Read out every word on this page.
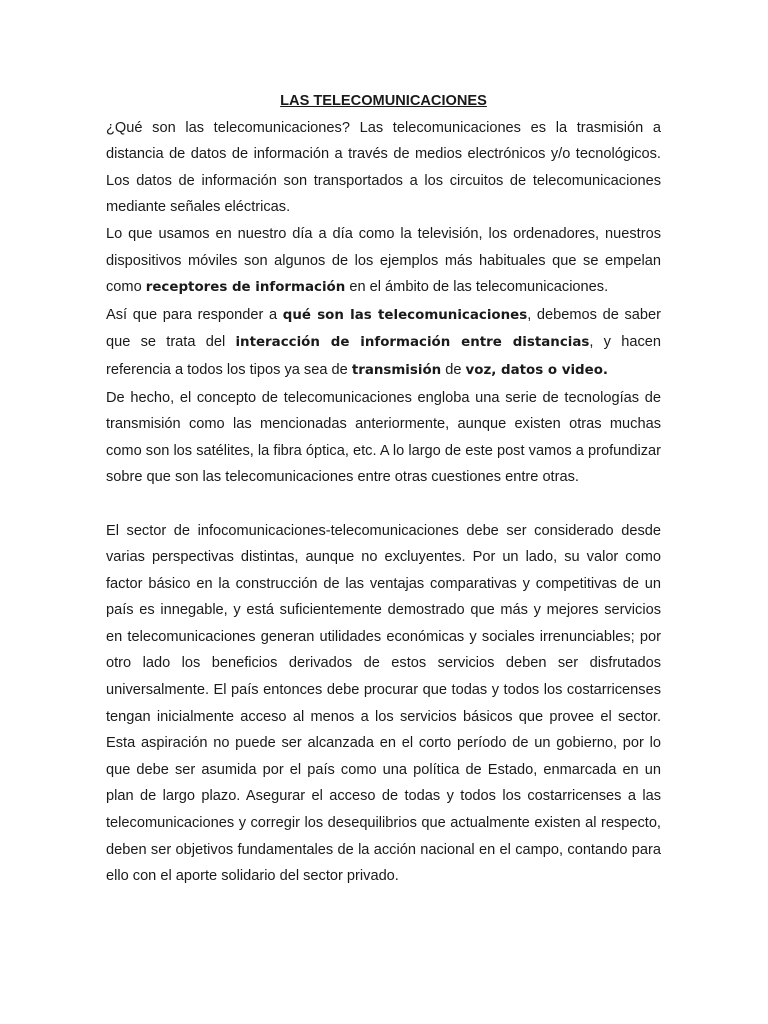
LAS TELECOMUNICACIONES

¿Qué son las telecomunicaciones? Las telecomunicaciones es la trasmisión a distancia de datos de información a través de medios electrónicos y/o tecnológicos. Los datos de información son transportados a los circuitos de telecomunicaciones mediante señales eléctricas.

Lo que usamos en nuestro día a día como la televisión, los ordenadores, nuestros dispositivos móviles son algunos de los ejemplos más habituales que se empelan como receptores de información en el ámbito de las telecomunicaciones.

Así que para responder a qué son las telecomunicaciones, debemos de saber que se trata del interacción de información entre distancias, y hacen referencia a todos los tipos ya sea de transmisión de voz, datos o video.

De hecho, el concepto de telecomunicaciones engloba una serie de tecnologías de transmisión como las mencionadas anteriormente, aunque existen otras muchas como son los satélites, la fibra óptica, etc. A lo largo de este post vamos a profundizar sobre que son las telecomunicaciones entre otras cuestiones entre otras.

El sector de infocomunicaciones-telecomunicaciones debe ser considerado desde varias perspectivas distintas, aunque no excluyentes. Por un lado, su valor como factor básico en la construcción de las ventajas comparativas y competitivas de un país es innegable, y está suficientemente demostrado que más y mejores servicios en telecomunicaciones generan utilidades económicas y sociales irrenunciables; por otro lado los beneficios derivados de estos servicios deben ser disfrutados universalmente. El país entonces debe procurar que todas y todos los costarricenses tengan inicialmente acceso al menos a los servicios básicos que provee el sector. Esta aspiración no puede ser alcanzada en el corto período de un gobierno, por lo que debe ser asumida por el país como una política de Estado, enmarcada en un plan de largo plazo. Asegurar el acceso de todas y todos los costarricenses a las telecomunicaciones y corregir los desequilibrios que actualmente existen al respecto, deben ser objetivos fundamentales de la acción nacional en el campo, contando para ello con el aporte solidario del sector privado.
